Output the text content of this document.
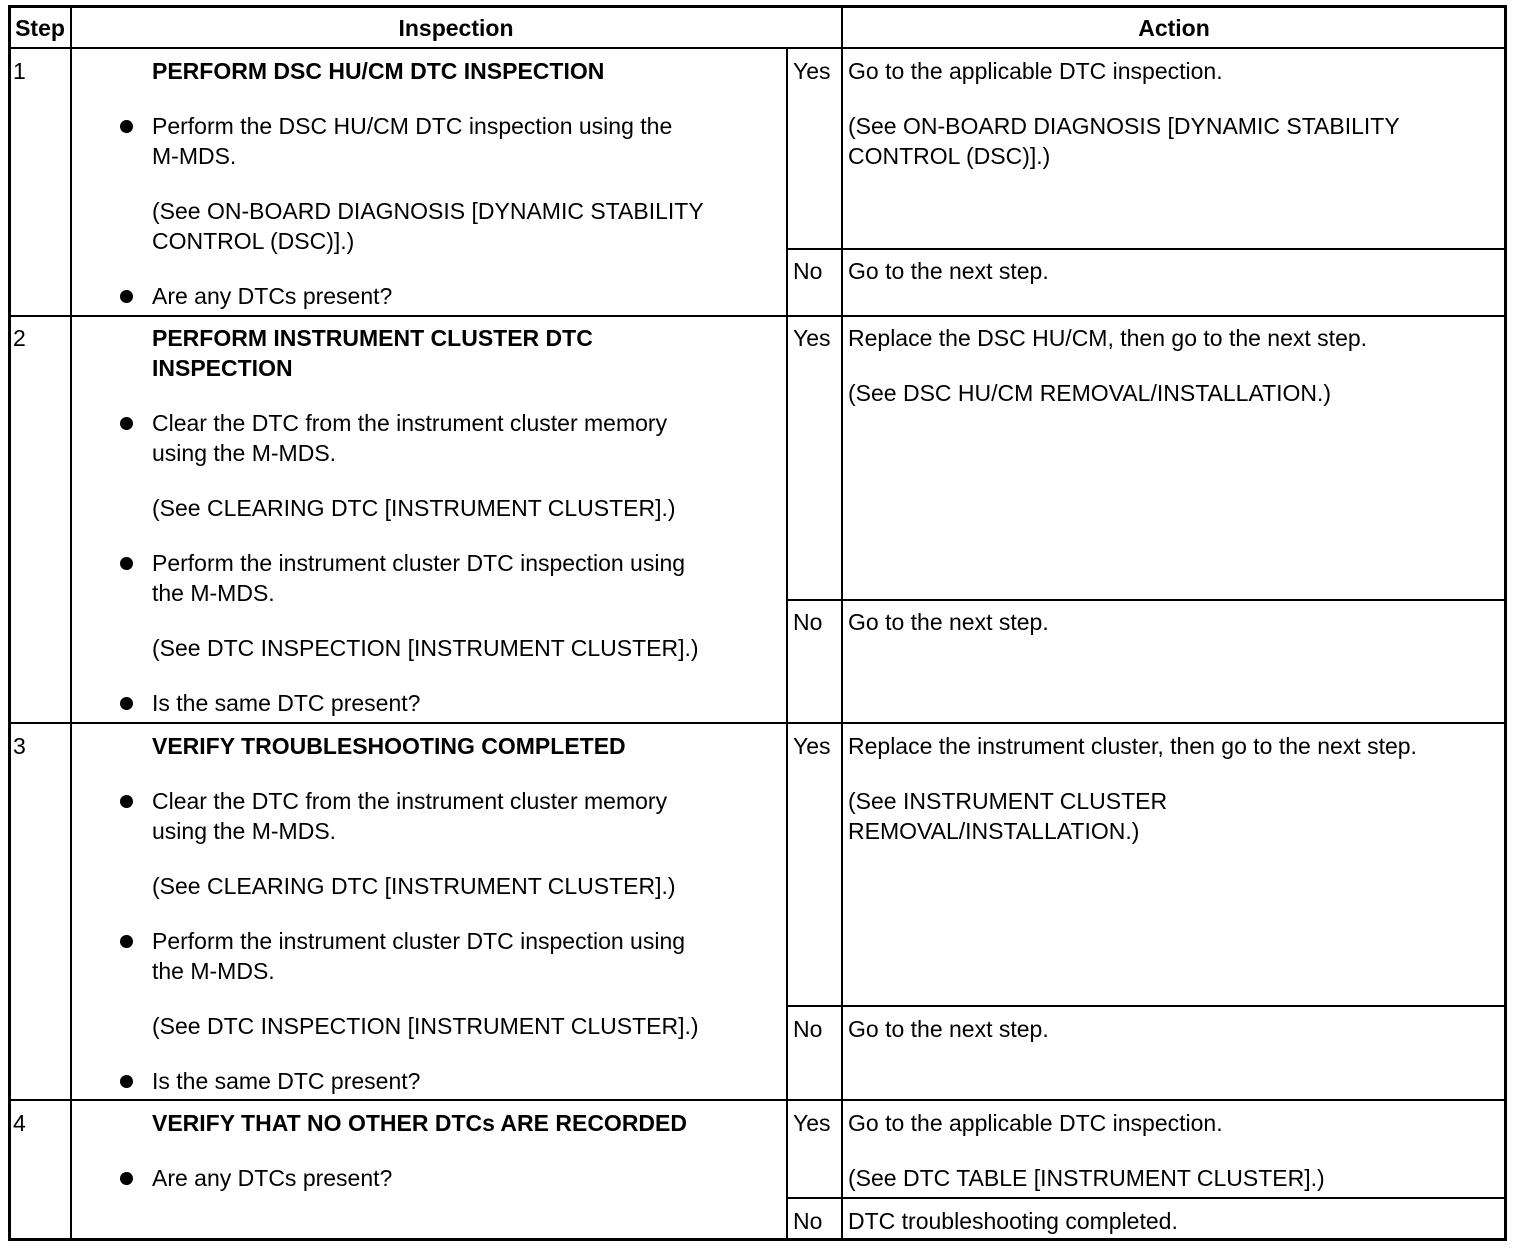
Step	Inspection	Action
1	PERFORM DSC HU/CM DTC INSPECTION
Perform the DSC HU/CM DTC inspection using the
M-MDS.
(See ON-BOARD DIAGNOSIS [DYNAMIC STABILITY
CONTROL (DSC)].)
Are any DTCs present?
Yes Go to the applicable DTC inspection.
(See ON-BOARD DIAGNOSIS [DYNAMIC STABILITY
CONTROL (DSC)].)
No Go to the next step.
2	PERFORM INSTRUMENT CLUSTER DTC
INSPECTION
Clear the DTC from the instrument cluster memory
using the M-MDS.
(See CLEARING DTC [INSTRUMENT CLUSTER].)
Perform the instrument cluster DTC inspection using
the M-MDS.
(See DTC INSPECTION [INSTRUMENT CLUSTER].)
Is the same DTC present?
Yes Replace the DSC HU/CM, then go to the next step.
(See DSC HU/CM REMOVAL/INSTALLATION.)
No Go to the next step.
3	VERIFY TROUBLESHOOTING COMPLETED
Clear the DTC from the instrument cluster memory
using the M-MDS.
(See CLEARING DTC [INSTRUMENT CLUSTER].)
Perform the instrument cluster DTC inspection using
the M-MDS.
(See DTC INSPECTION [INSTRUMENT CLUSTER].)
Is the same DTC present?
Yes Replace the instrument cluster, then go to the next step.
(See INSTRUMENT CLUSTER
REMOVAL/INSTALLATION.)
No Go to the next step.
4	VERIFY THAT NO OTHER DTCs ARE RECORDED
Are any DTCs present?
Yes Go to the applicable DTC inspection.
(See DTC TABLE [INSTRUMENT CLUSTER].)
No DTC troubleshooting completed.
